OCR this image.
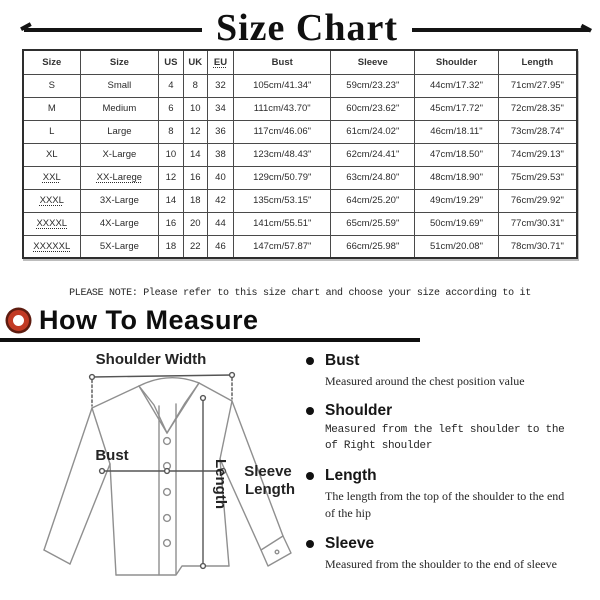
Size Chart
Size	Size	US	UK	EU	Bust	Sleeve	Shoulder	Length
S	Small	4	8	32	105cm/41.34"	59cm/23.23"	44cm/17.32"	71cm/27.95"
M	Medium	6	10	34	111cm/43.70"	60cm/23.62"	45cm/17.72"	72cm/28.35"
L	Large	8	12	36	117cm/46.06"	61cm/24.02"	46cm/18.11"	73cm/28.74"
XL	X-Large	10	14	38	123cm/48.43"	62cm/24.41"	47cm/18.50"	74cm/29.13"
XXL	XX-Larege	12	16	40	129cm/50.79"	63cm/24.80"	48cm/18.90"	75cm/29.53"
XXXL	3X-Large	14	18	42	135cm/53.15"	64cm/25.20"	49cm/19.29"	76cm/29.92"
XXXXL	4X-Large	16	20	44	141cm/55.51"	65cm/25.59"	50cm/19.69"	77cm/30.31"
XXXXXL	5X-Large	18	22	46	147cm/57.87"	66cm/25.98"	51cm/20.08"	78cm/30.71"
PLEASE NOTE: Please refer to this size chart and choose your size according to it
How To Measure
Shoulder Width
Bust
Length Sleeve
Length
Bust
Measured around the chest position value
Shoulder
Measured from the left shoulder to the of Right shoulder
Length
The length from the top of the shoulder to the end of the hip
Sleeve
Measured from the shoulder to the end of sleeve
